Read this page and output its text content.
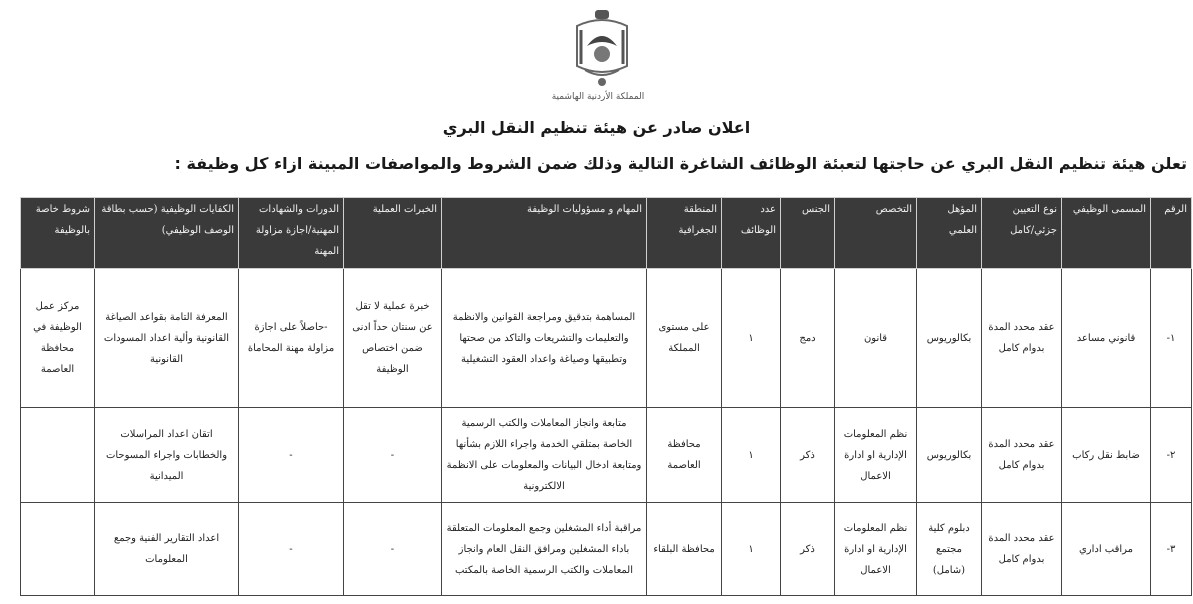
المملكة الأردنية الهاشمية
اعلان صادر عن هيئة تنظيم النقل البري
تعلن هيئة تنظيم النقل البري عن حاجتها لتعبئة الوظائف الشاغرة التالية وذلك ضمن الشروط والمواصفات المبينة ازاء كل وظيفة :
الرقم	المسمى الوظيفي	نوع التعيين جزئي/كامل	المؤهل العلمي	التخصص	الجنس	عدد الوظائف	المنطقة الجغرافية	المهام و مسؤوليات الوظيفة	الخبرات العملية	الدورات والشهادات المهنية/اجازة مزاولة المهنة	الكفايات الوظيفية (حسب بطاقة الوصف الوظيفي)	شروط خاصة بالوظيفة
١-	قانوني مساعد	عقد محدد المدة بدوام كامل	بكالوريوس	قانون	دمج	١	على مستوى المملكة	المساهمة بتدقيق ومراجعة القوانين والانظمة والتعليمات والتشريعات والتاكد من صحتها وتطبيقها وصياغة واعداد العقود التشغيلية	خبرة عملية لا تقل عن سنتان حداً ادنى ضمن اختصاص الوظيفة	-حاصلاً على اجازة مزاولة مهنة المحاماة	المعرفة التامة بقواعد الصياغة القانونية وألية اعداد المسودات القانونية	مركز عمل الوظيفة في محافظة العاصمة
٢-	ضابط نقل ركاب	عقد محدد المدة بدوام كامل	بكالوريوس	نظم المعلومات الإدارية او ادارة الاعمال	ذكر	١	محافظة العاصمة	متابعة وانجاز المعاملات والكتب الرسمية الخاصة بمتلقي الخدمة واجراء اللازم بشأنها ومتابعة ادخال البيانات والمعلومات على الانظمة الالكترونية	-	-	اتقان اعداد المراسلات والخطابات واجراء المسوحات الميدانية	
٣-	مراقب اداري	عقد محدد المدة بدوام كامل	دبلوم كلية مجتمع (شامل)	نظم المعلومات الإدارية او ادارة الاعمال	ذكر	١	محافظة البلقاء	مراقبة أداء المشغلين وجمع المعلومات المتعلقة باداء المشغلين ومرافق النقل العام وانجاز المعاملات والكتب الرسمية الخاصة بالمكتب	-	-	اعداد التقارير الفنية وجمع المعلومات	
